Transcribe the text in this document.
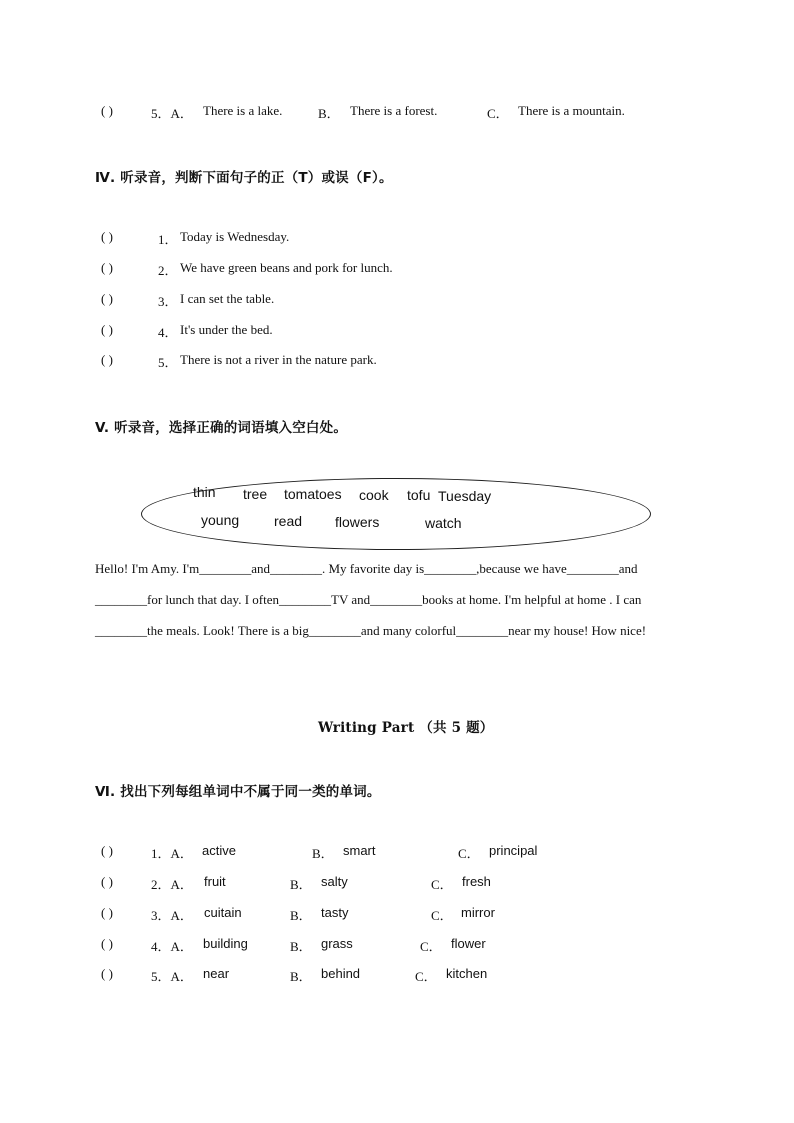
( )	5．A． There is a lake.	B． There is a forest.	C． There is a mountain.
Ⅳ. 听录音，判断下面句子的正（T）或误（F）。
( )	1． Today is Wednesday.
( )	2． We have green beans and pork for lunch.
( )	3． I can set the table.
( )	4． It's under the bed.
( )	5． There is not a river in the nature park.
V. 听录音，选择正确的词语填入空白处。
thin tree tomatoes cook tofu Tuesday
young read flowers	watch
Hello! I'm Amy. I'm________and________. My favorite day is________,because we have________and
________for lunch that day. I often________TV and________books at home. I'm helpful at home . I can
________the meals. Look! There is a big________and many colorful________near my house! How nice!
Writing Part （共 5 题）
Ⅵ. 找出下列每组单词中不属于同一类的单词。
( )	1．A． active	B． smart	C． principal
( )	2．A． fruit	B． salty	C． fresh
( )	3．A． cuitain	B． tasty	C． mirror
( )	4．A． building	B． grass	C． flower
( )	5．A． near	B． behind	C． kitchen
